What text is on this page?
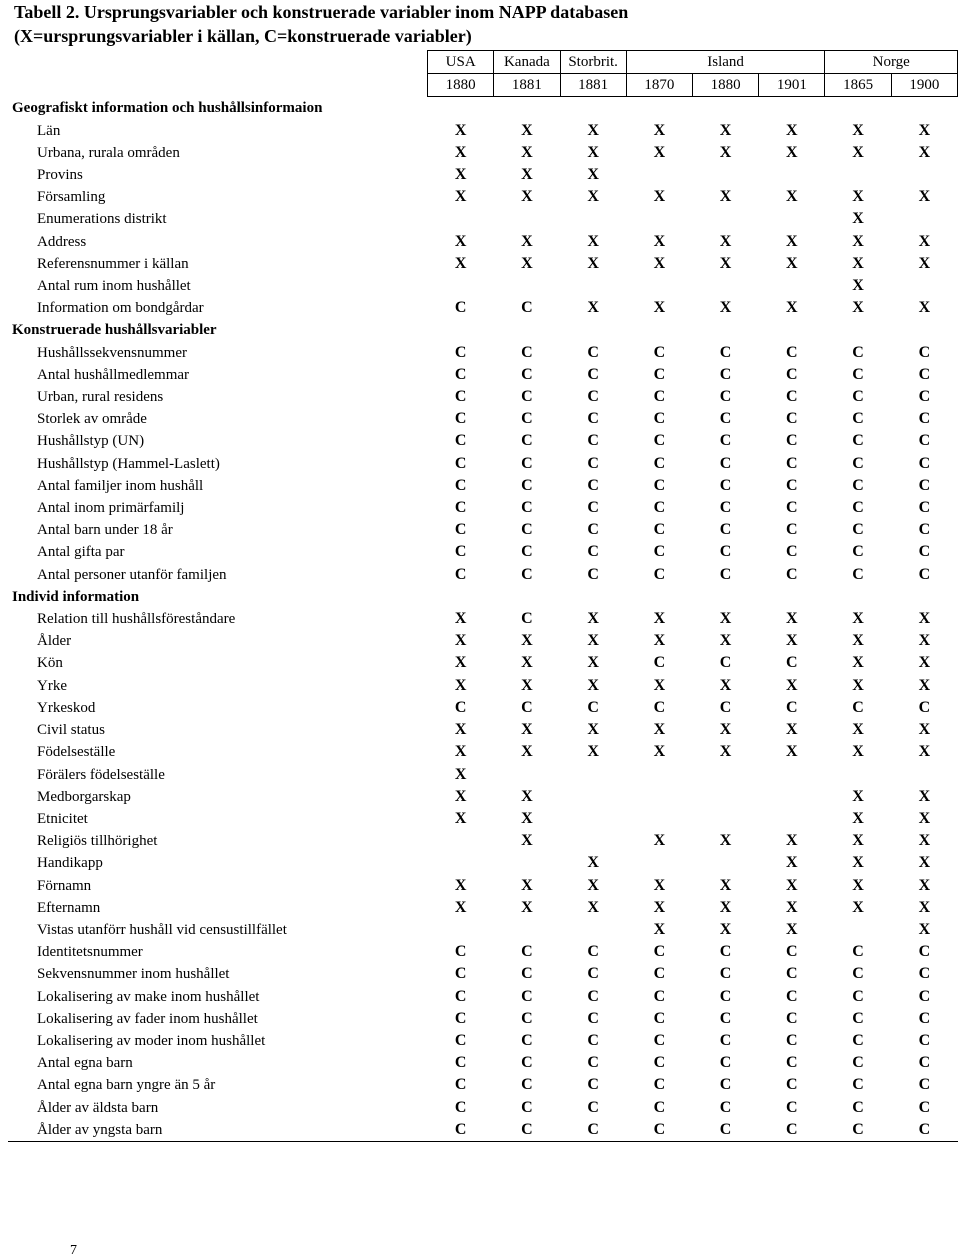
Tabell 2. Ursprungsvariabler och konstruerade variabler inom NAPP databasen
(X=ursprungsvariabler i källan, C=konstruerade variabler)
	USA	Kanada	Storbrit.	Island			Norge	
	1880	1881	1881	1870	1880	1901	1865	1900
Geografiskt information och hushållsinformaion								
Län	X	X	X	X	X	X	X	X
Urbana, rurala områden	X	X	X	X	X	X	X	X
Provins	X	X	X					
Församling	X	X	X	X	X	X	X	X
Enumerations distrikt							X	
Address	X	X	X	X	X	X	X	X
Referensnummer i källan	X	X	X	X	X	X	X	X
Antal rum inom hushållet							X	
Information om bondgårdar	C	C	X	X	X	X	X	X
Konstruerade hushållsvariabler								
Hushållssekvensnummer	C	C	C	C	C	C	C	C
Antal hushållmedlemmar	C	C	C	C	C	C	C	C
Urban, rural residens	C	C	C	C	C	C	C	C
Storlek av område	C	C	C	C	C	C	C	C
Hushållstyp (UN)	C	C	C	C	C	C	C	C
Hushållstyp (Hammel-Laslett)	C	C	C	C	C	C	C	C
Antal familjer inom hushåll	C	C	C	C	C	C	C	C
Antal inom primärfamilj	C	C	C	C	C	C	C	C
Antal barn under 18 år	C	C	C	C	C	C	C	C
Antal gifta par	C	C	C	C	C	C	C	C
Antal personer utanför familjen	C	C	C	C	C	C	C	C
Individ information								
Relation till hushållsföreståndare	X	C	X	X	X	X	X	X
Ålder	X	X	X	X	X	X	X	X
Kön	X	X	X	C	C	C	X	X
Yrke	X	X	X	X	X	X	X	X
Yrkeskod	C	C	C	C	C	C	C	C
Civil status	X	X	X	X	X	X	X	X
Födelseställe	X	X	X	X	X	X	X	X
Förälers födelseställe	X							
Medborgarskap	X	X					X	X
Etnicitet	X	X					X	X
Religiös tillhörighet		X		X	X	X	X	X
Handikapp			X			X	X	X
Förnamn	X	X	X	X	X	X	X	X
Efternamn	X	X	X	X	X	X	X	X
Vistas utanförr hushåll vid censustillfället				X	X	X		X
Identitetsnummer	C	C	C	C	C	C	C	C
Sekvensnummer inom hushållet	C	C	C	C	C	C	C	C
Lokalisering av make inom hushållet	C	C	C	C	C	C	C	C
Lokalisering av fader inom hushållet	C	C	C	C	C	C	C	C
Lokalisering av moder inom hushållet	C	C	C	C	C	C	C	C
Antal egna barn	C	C	C	C	C	C	C	C
Antal egna barn yngre än 5 år	C	C	C	C	C	C	C	C
Ålder av äldsta barn	C	C	C	C	C	C	C	C
Ålder av yngsta barn	C	C	C	C	C	C	C	C
7
